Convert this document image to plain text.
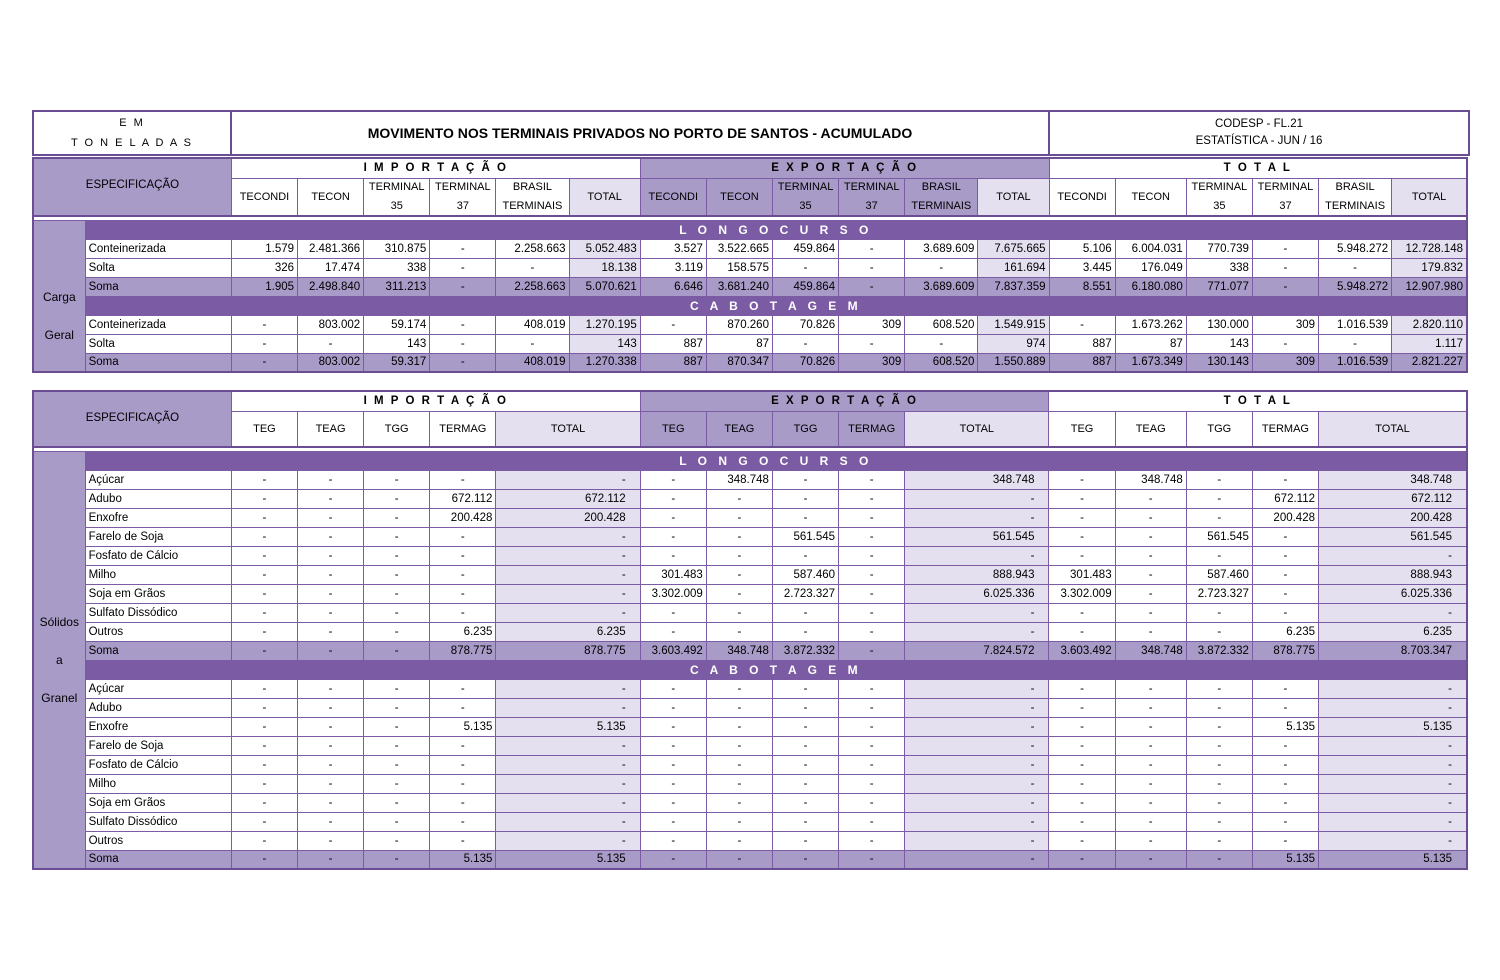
E M
T O N E L A D A S
	MOVIMENTO NOS TERMINAIS PRIVADOS NO PORTO DE SANTOS - ACUMULADO	
CODESP - FL.21
ESTATÍSTICA - JUN / 16
ESPECIFICAÇÃO		I M P O R T A Ç Ã O						E X P O R T A Ç Ã O						T O T A L					
		TECONDI	TECON	TERMINAL	TERMINAL	BRASIL	TOTAL	TECONDI	TECON	TERMINAL	TERMINAL	BRASIL	TOTAL	TECONDI	TECON	TERMINAL	TERMINAL	BRASIL	TOTAL
				35	37	TERMINAIS				35	37	TERMINAIS				35	37	TERMINAIS	

Carga
Geral	L O N G O C U R S O																		
	Conteinerizada	1.579	2.481.366	310.875	-	2.258.663	5.052.483	3.527	3.522.665	459.864	-	3.689.609	7.675.665	5.106	6.004.031	770.739	-	5.948.272	12.728.148
	Solta	326	17.474	338	-	-	18.138	3.119	158.575	-	-	-	161.694	3.445	176.049	338	-	-	179.832
	Soma	1.905	2.498.840	311.213	-	2.258.663	5.070.621	6.646	3.681.240	459.864	-	3.689.609	7.837.359	8.551	6.180.080	771.077	-	5.948.272	12.907.980
	C A B O T A G E M																		
	Conteinerizada	-	803.002	59.174	-	408.019	1.270.195	-	870.260	70.826	309	608.520	1.549.915	-	1.673.262	130.000	309	1.016.539	2.820.110
	Solta	-	-	143	-	-	143	887	87	-	-	-	974	887	87	143	-	-	1.117
	Soma	-	803.002	59.317	-	408.019	1.270.338	887	870.347	70.826	309	608.520	1.550.889	887	1.673.349	130.143	309	1.016.539	2.821.227
ESPECIFICAÇÃO		I M P O R T A Ç Ã O					E X P O R T A Ç Ã O					T O T A L				
		TEG	TEAG	TGG	TERMAG	TOTAL	TEG	TEAG	TGG	TERMAG	TOTAL	TEG	TEAG	TGG	TERMAG	TOTAL

Sólidos
a
Granel	L O N G O C U R S O															
	Açúcar	-	-	-	-	-	-	348.748	-	-	348.748	-	348.748	-	-	348.748
	Adubo	-	-	-	672.112	672.112	-	-	-	-	-	-	-	-	672.112	672.112
	Enxofre	-	-	-	200.428	200.428	-	-	-	-	-	-	-	-	200.428	200.428
	Farelo de Soja	-	-	-	-	-	-	-	561.545	-	561.545	-	-	561.545	-	561.545
	Fosfato de Cálcio	-	-	-	-	-	-	-	-	-	-	-	-	-	-	-
	Milho	-	-	-	-	-	301.483	-	587.460	-	888.943	301.483	-	587.460	-	888.943
	Soja em Grãos	-	-	-	-	-	3.302.009	-	2.723.327	-	6.025.336	3.302.009	-	2.723.327	-	6.025.336
	Sulfato Dissódico	-	-	-	-	-	-	-	-	-	-	-	-	-	-	-
	Outros	-	-	-	6.235	6.235	-	-	-	-	-	-	-	-	6.235	6.235
	Soma	-	-	-	878.775	878.775	3.603.492	348.748	3.872.332	-	7.824.572	3.603.492	348.748	3.872.332	878.775	8.703.347
	C A B O T A G E M															
	Açúcar	-	-	-	-	-	-	-	-	-	-	-	-	-	-	-
	Adubo	-	-	-	-	-	-	-	-	-	-	-	-	-	-	-
	Enxofre	-	-	-	5.135	5.135	-	-	-	-	-	-	-	-	5.135	5.135
	Farelo de Soja	-	-	-	-	-	-	-	-	-	-	-	-	-	-	-
	Fosfato de Cálcio	-	-	-	-	-	-	-	-	-	-	-	-	-	-	-
	Milho	-	-	-	-	-	-	-	-	-	-	-	-	-	-	-
	Soja em Grãos	-	-	-	-	-	-	-	-	-	-	-	-	-	-	-
	Sulfato Dissódico	-	-	-	-	-	-	-	-	-	-	-	-	-	-	-
	Outros	-	-	-	-	-	-	-	-	-	-	-	-	-	-	-
	Soma	-	-	-	5.135	5.135	-	-	-	-	-	-	-	-	5.135	5.135
